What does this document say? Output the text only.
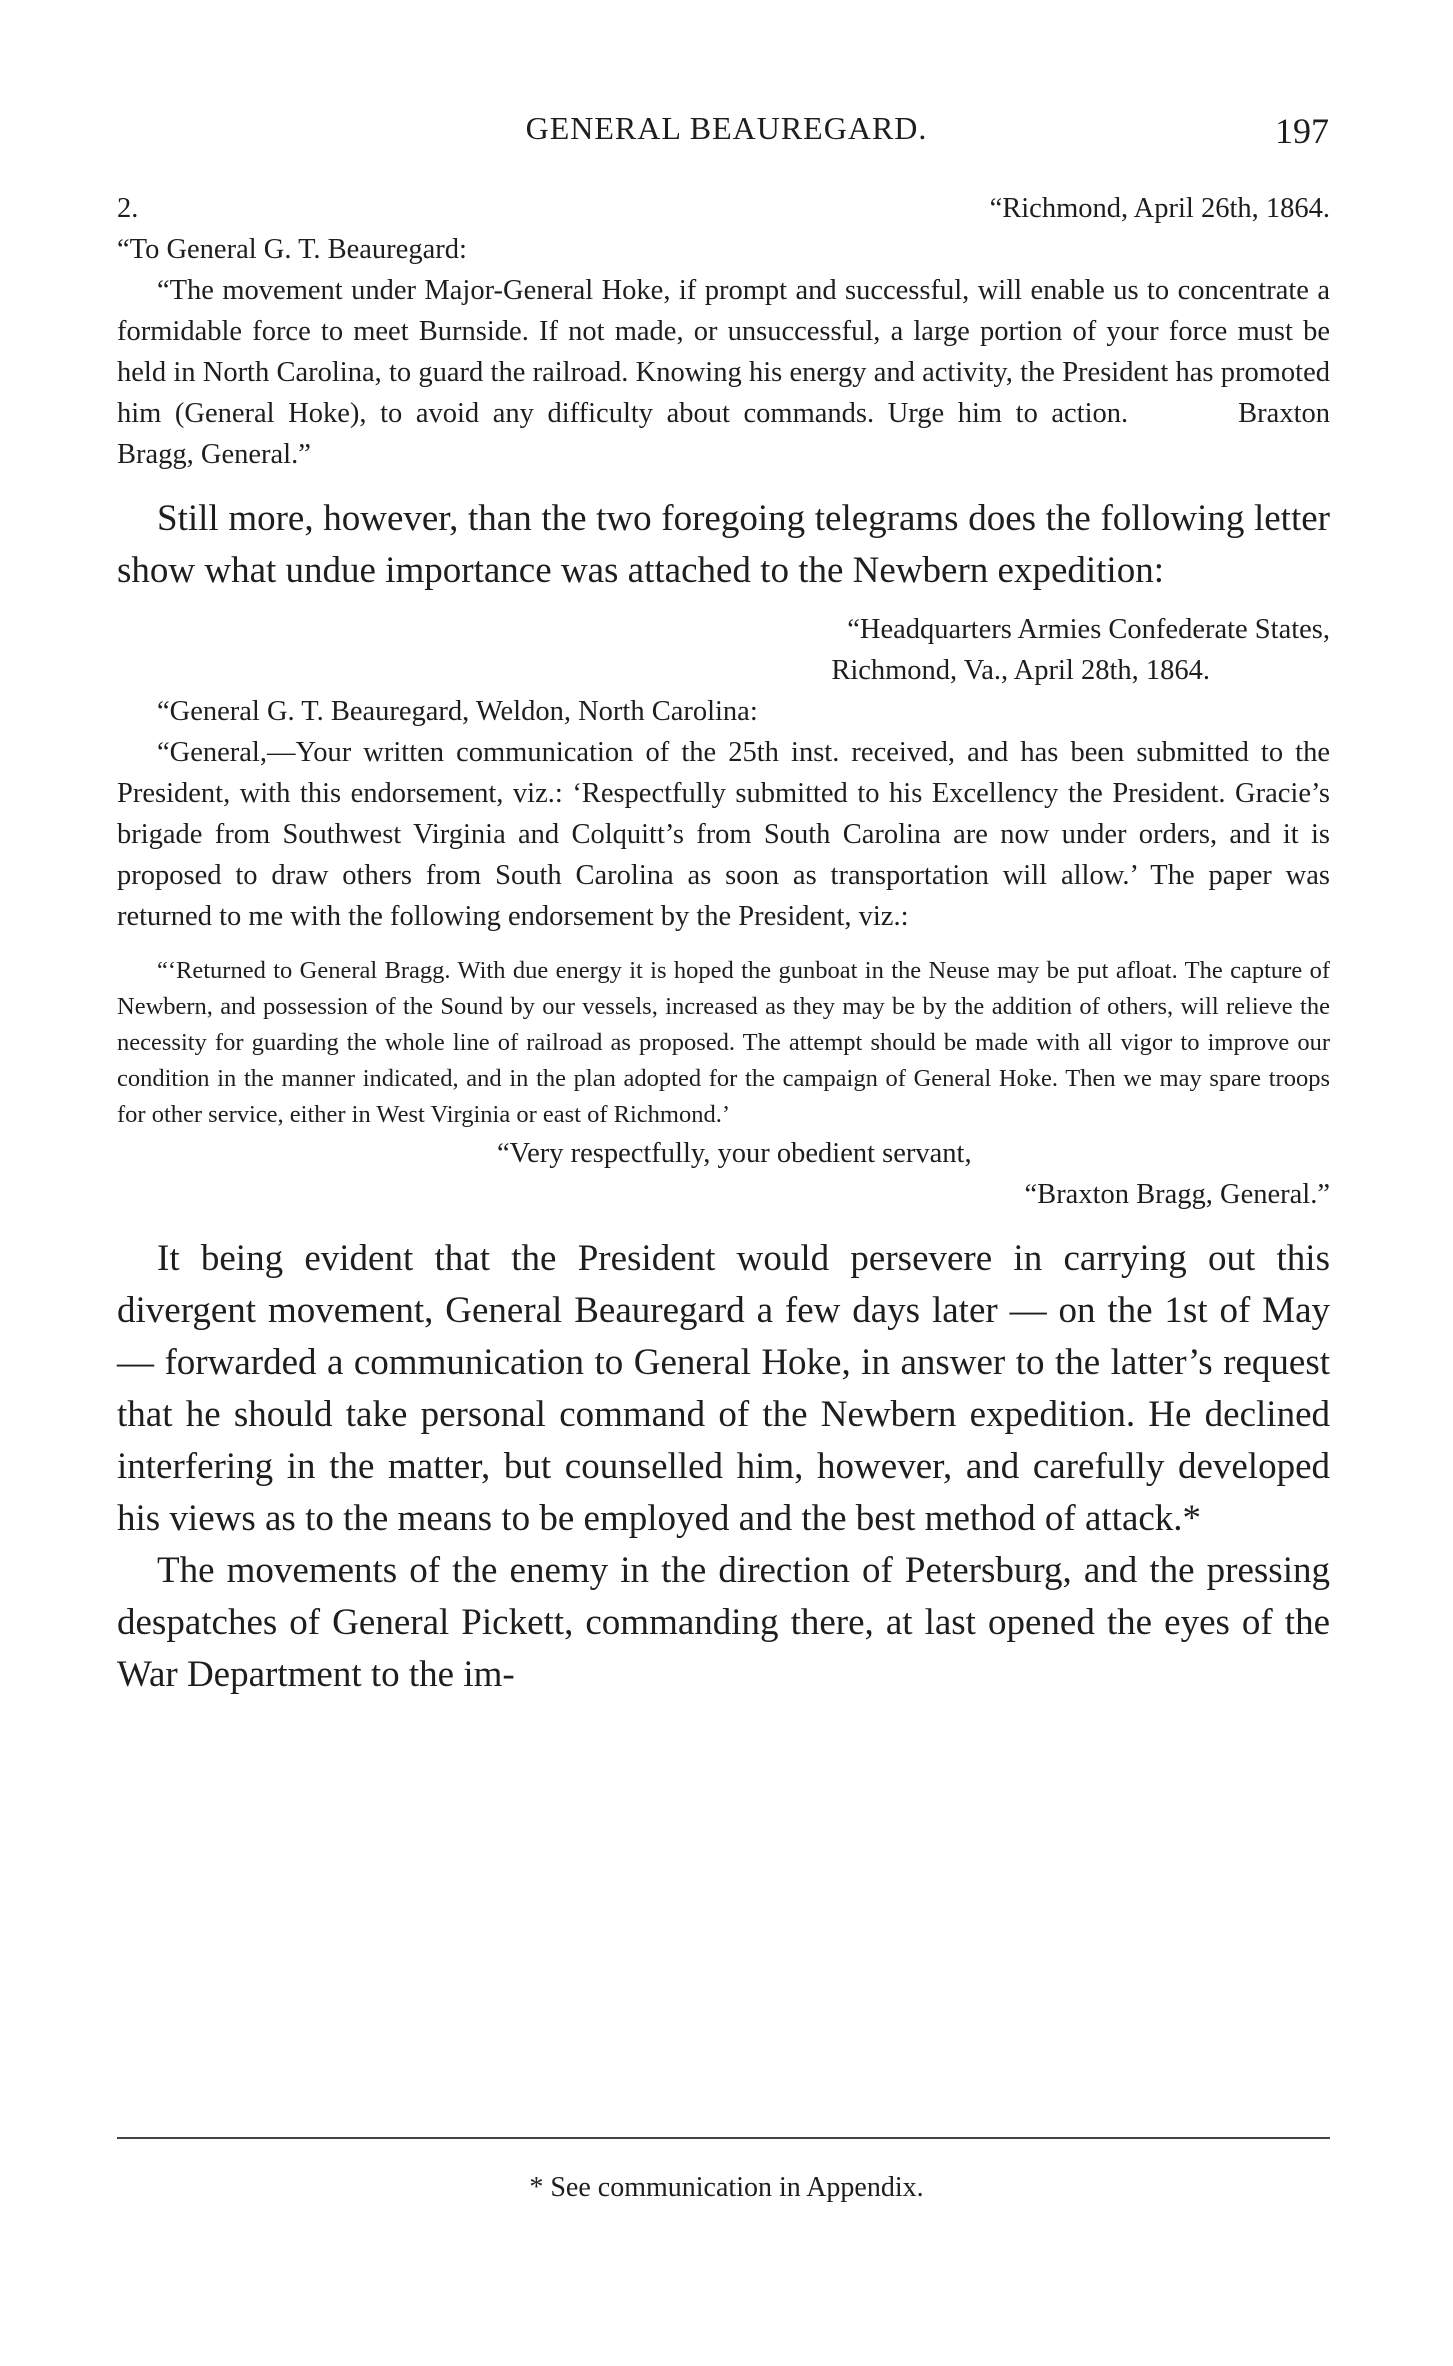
GENERAL BEAUREGARD.	197
2.	“Richmond, April 26th, 1864.
“To General G. T. Beauregard:

“The movement under Major-General Hoke, if prompt and successful, will enable us to concentrate a formidable force to meet Burnside. If not made, or unsuccessful, a large portion of your force must be held in North Carolina, to guard the railroad. Knowing his energy and activity, the President has promoted him (General Hoke), to avoid any difficulty about commands. Urge him to action.	Braxton Bragg, General.”

Still more, however, than the two foregoing telegrams does the following letter show what undue importance was attached to the Newbern expedition:

“Headquarters Armies Confederate States,
Richmond, Va., April 28th, 1864.
“General G. T. Beauregard, Weldon, North Carolina:

“General,—Your written communication of the 25th inst. received, and has been submitted to the President, with this endorsement, viz.: ‘Respectfully submitted to his Excellency the President. Gracie’s brigade from Southwest Virginia and Colquitt’s from South Carolina are now under orders, and it is proposed to draw others from South Carolina as soon as transportation will allow.’ The paper was returned to me with the following endorsement by the President, viz.:

“‘Returned to General Bragg. With due energy it is hoped the gunboat in the Neuse may be put afloat. The capture of Newbern, and possession of the Sound by our vessels, increased as they may be by the addition of others, will relieve the necessity for guarding the whole line of railroad as proposed. The attempt should be made with all vigor to improve our condition in the manner indicated, and in the plan adopted for the campaign of General Hoke. Then we may spare troops for other service, either in West Virginia or east of Richmond.’

“Very respectfully, your obedient servant,
“Braxton Bragg, General.”

It being evident that the President would persevere in carrying out this divergent movement, General Beauregard a few days later — on the 1st of May — forwarded a communication to General Hoke, in answer to the latter’s request that he should take personal command of the Newbern expedition. He declined interfering in the matter, but counselled him, however, and carefully developed his views as to the means to be employed and the best method of attack.*

The movements of the enemy in the direction of Petersburg, and the pressing despatches of General Pickett, commanding there, at last opened the eyes of the War Department to the im-

* See communication in Appendix.
